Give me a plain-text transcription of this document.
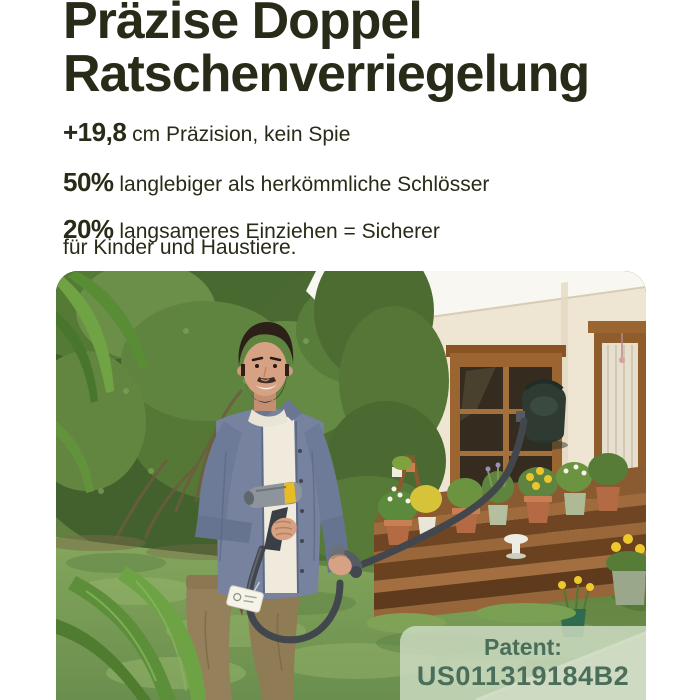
Präzise Doppel
Ratschenverriegelung

+19,8 cm Präzision, kein Spie

50% langlebiger als herkömmliche Schlösser

20% langsameres Einziehen = Sicherer

für Kinder und Haustiere.

Patent:
US011319184B2
